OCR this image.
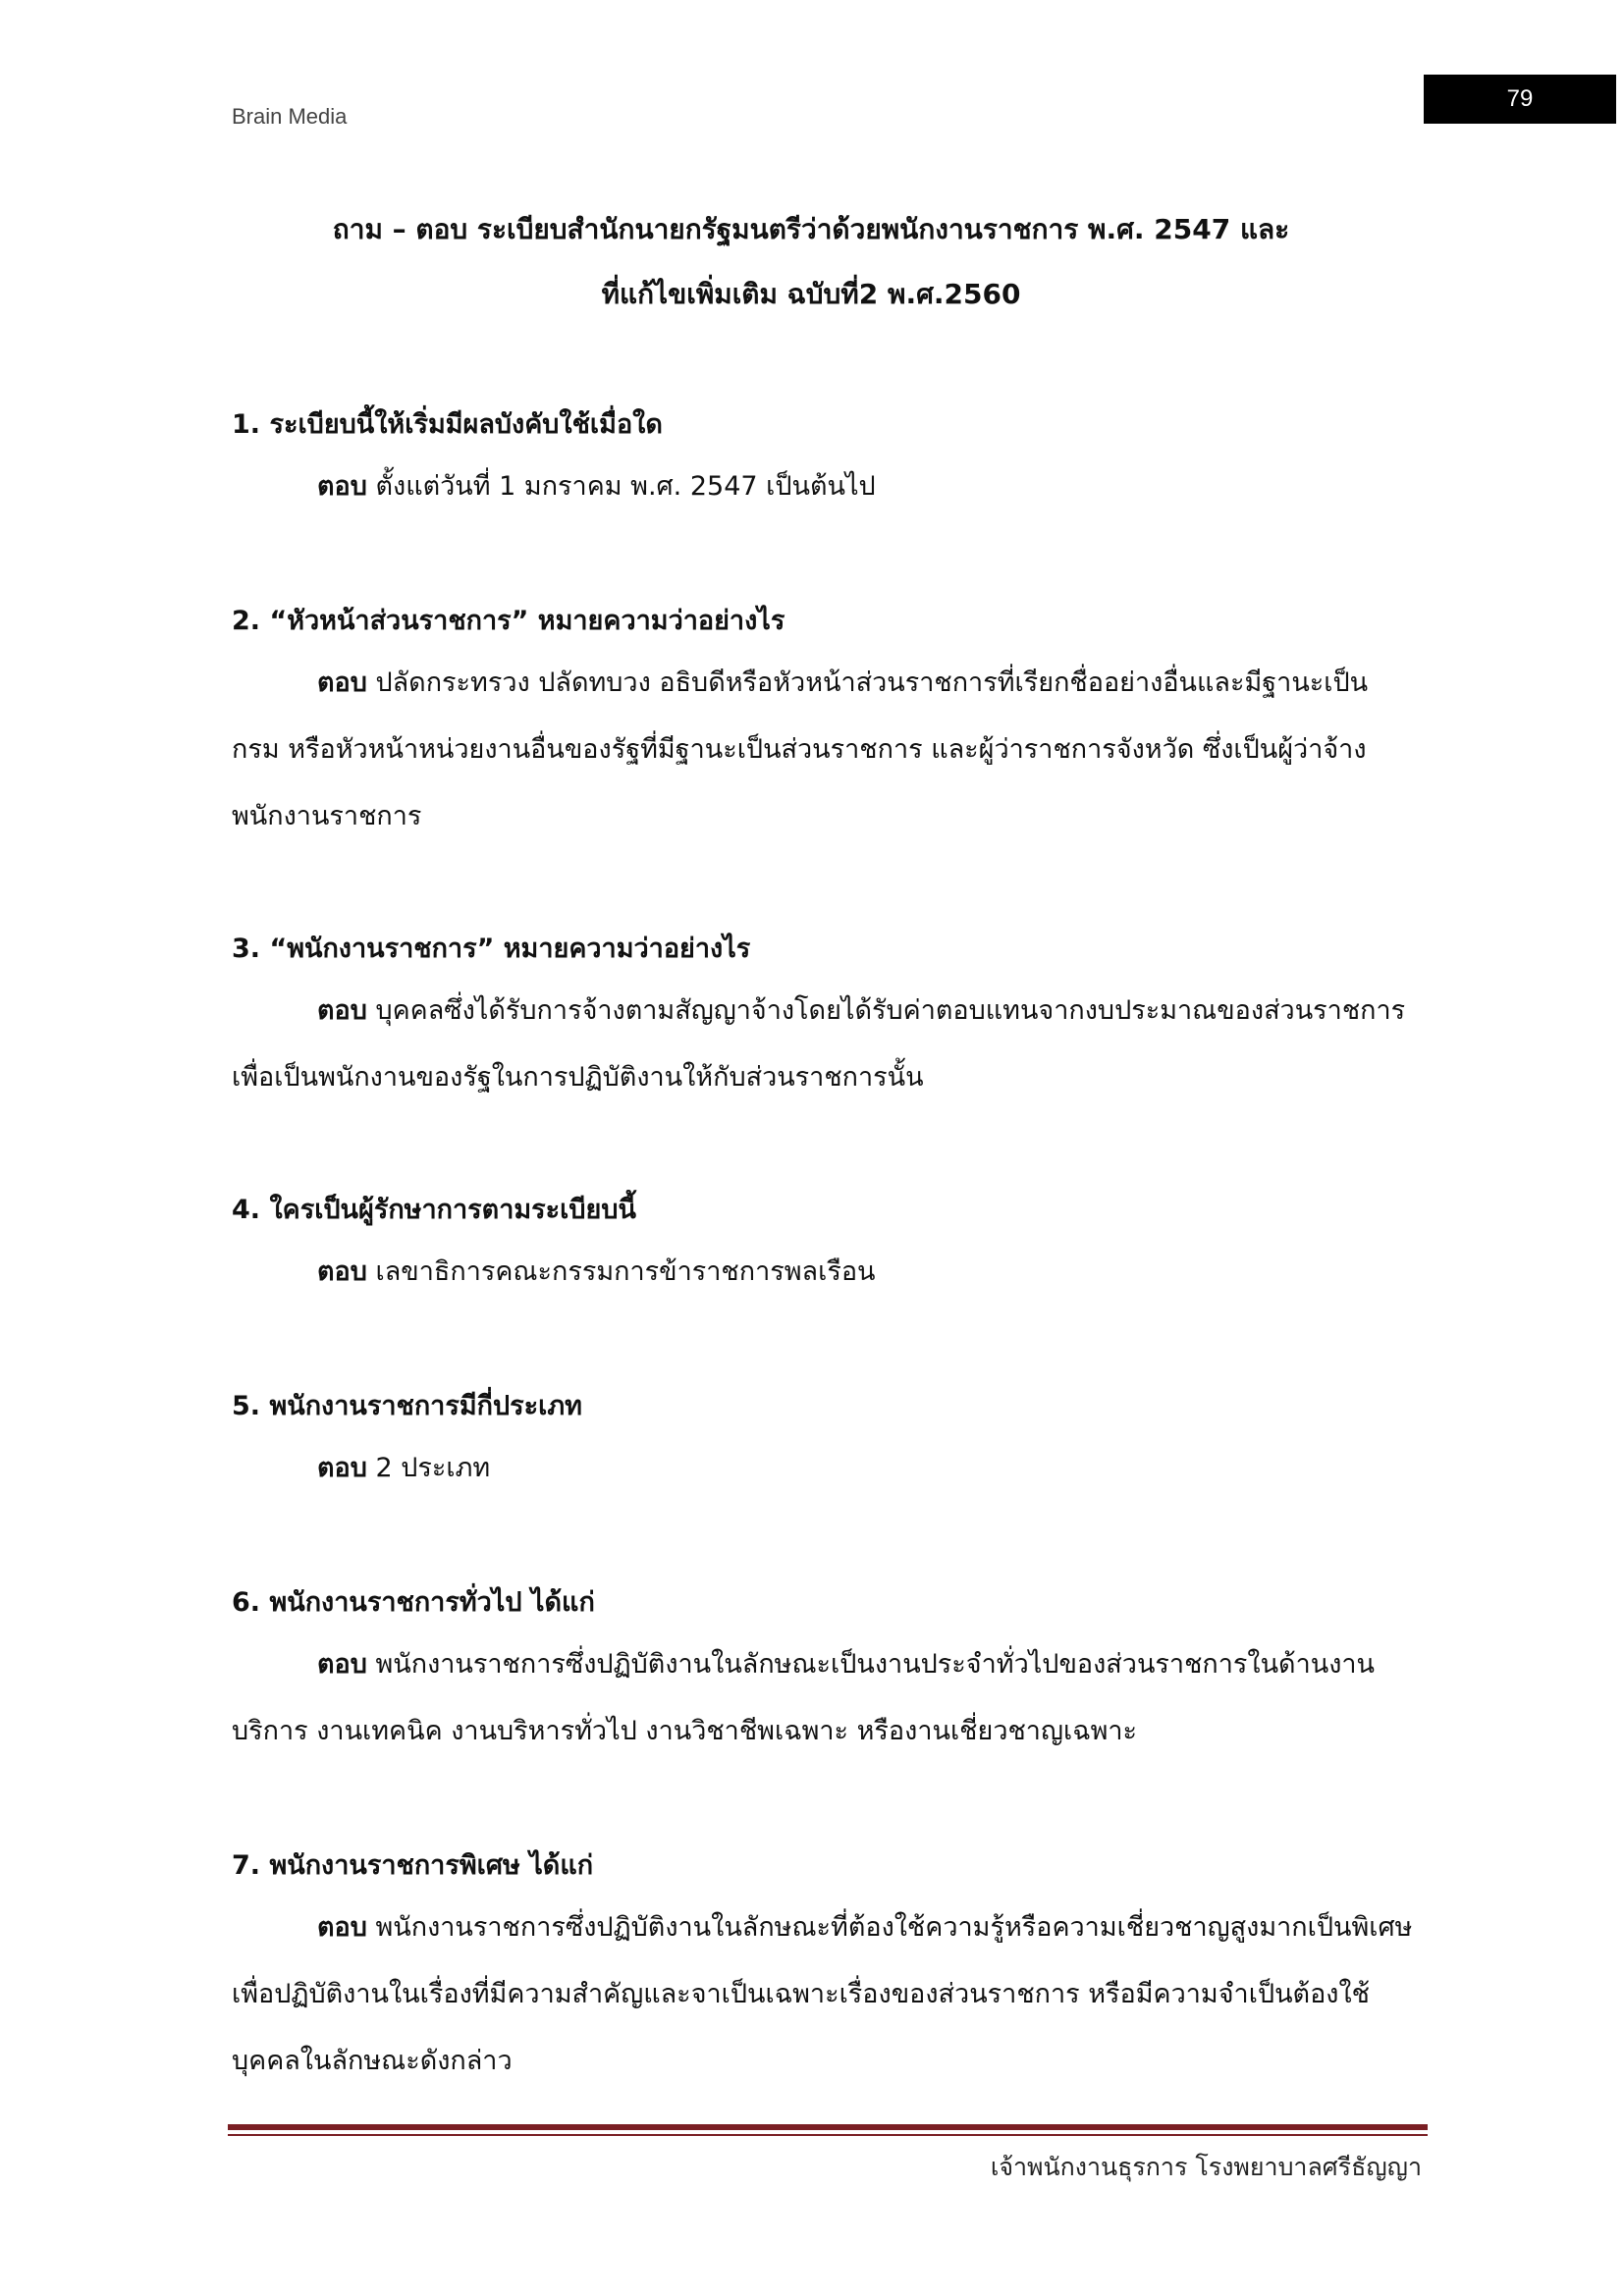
Brain Media
79
ถาม – ตอบ ระเบียบสำนักนายกรัฐมนตรีว่าด้วยพนักงานราชการ พ.ศ. 2547 และ
ที่แก้ไขเพิ่มเติม ฉบับที่2 พ.ศ.2560
1. ระเบียบนี้ให้เริ่มมีผลบังคับใช้เมื่อใด
ตอบ ตั้งแต่วันที่ 1 มกราคม พ.ศ. 2547 เป็นต้นไป
2. “หัวหน้าส่วนราชการ” หมายความว่าอย่างไร
ตอบ ปลัดกระทรวง ปลัดทบวง อธิบดีหรือหัวหน้าส่วนราชการที่เรียกชื่ออย่างอื่นและมีฐานะเป็น
กรม หรือหัวหน้าหน่วยงานอื่นของรัฐที่มีฐานะเป็นส่วนราชการ และผู้ว่าราชการจังหวัด ซึ่งเป็นผู้ว่าจ้าง
พนักงานราชการ
3. “พนักงานราชการ” หมายความว่าอย่างไร
ตอบ บุคคลซึ่งได้รับการจ้างตามสัญญาจ้างโดยได้รับค่าตอบแทนจากงบประมาณของส่วนราชการ
เพื่อเป็นพนักงานของรัฐในการปฏิบัติงานให้กับส่วนราชการนั้น
4. ใครเป็นผู้รักษาการตามระเบียบนี้
ตอบ เลขาธิการคณะกรรมการข้าราชการพลเรือน
5. พนักงานราชการมีกี่ประเภท
ตอบ 2 ประเภท
6. พนักงานราชการทั่วไป ได้แก่
ตอบ พนักงานราชการซึ่งปฏิบัติงานในลักษณะเป็นงานประจำทั่วไปของส่วนราชการในด้านงาน
บริการ งานเทคนิค งานบริหารทั่วไป งานวิชาชีพเฉพาะ หรืองานเชี่ยวชาญเฉพาะ
7. พนักงานราชการพิเศษ ได้แก่
ตอบ พนักงานราชการซึ่งปฏิบัติงานในลักษณะที่ต้องใช้ความรู้หรือความเชี่ยวชาญสูงมากเป็นพิเศษ
เพื่อปฏิบัติงานในเรื่องที่มีความสำคัญและจาเป็นเฉพาะเรื่องของส่วนราชการ หรือมีความจำเป็นต้องใช้
บุคคลในลักษณะดังกล่าว
เจ้าพนักงานธุรการ โรงพยาบาลศรีธัญญา
